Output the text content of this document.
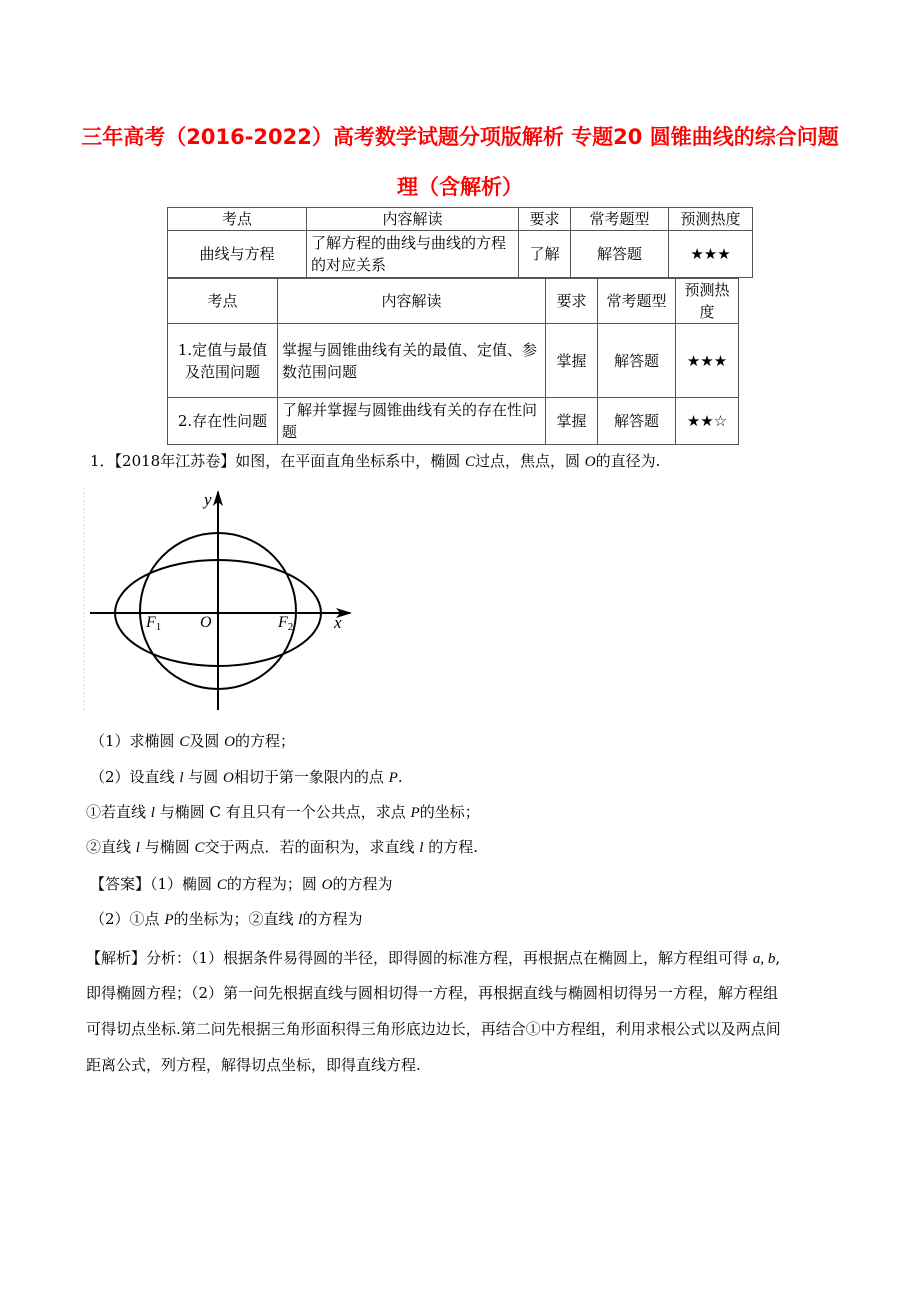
三年高考（2016-2022）高考数学试题分项版解析 专题20 圆锥曲线的综合问题
理（含解析）
考点	内容解读	要求	常考题型	预测热度
曲线与方程	了解方程的曲线与曲线的方程的对应关系	了解	解答题	★★★
考点	内容解读	要求	常考题型	预测热度
1.定值与最值及范围问题	掌握与圆锥曲线有关的最值、定值、参数范围问题	掌握	解答题	★★★
2.存在性问题	了解并掌握与圆锥曲线有关的存在性问题	掌握	解答题	★★☆
1．【2018年江苏卷】如图，在平面直角坐标系中，椭圆 C过点，焦点，圆 O的直径为.
y
x
O
F1	F2
（1）求椭圆 C及圆 O的方程；
（2）设直线 l 与圆 O相切于第一象限内的点 P.
①若直线 l 与椭圆 C 有且只有一个公共点，求点 P的坐标；
②直线 l 与椭圆 C交于两点．若的面积为，求直线 l 的方程.
【答案】（1）椭圆 C的方程为；圆 O的方程为
（2）①点 P的坐标为；②直线 l的方程为
【解析】分析：（1）根据条件易得圆的半径，即得圆的标准方程，再根据点在椭圆上，解方程组可得 a, b,
即得椭圆方程；（2）第一问先根据直线与圆相切得一方程，再根据直线与椭圆相切得另一方程，解方程组
可得切点坐标.第二问先根据三角形面积得三角形底边边长，再结合①中方程组，利用求根公式以及两点间
距离公式，列方程，解得切点坐标，即得直线方程.
